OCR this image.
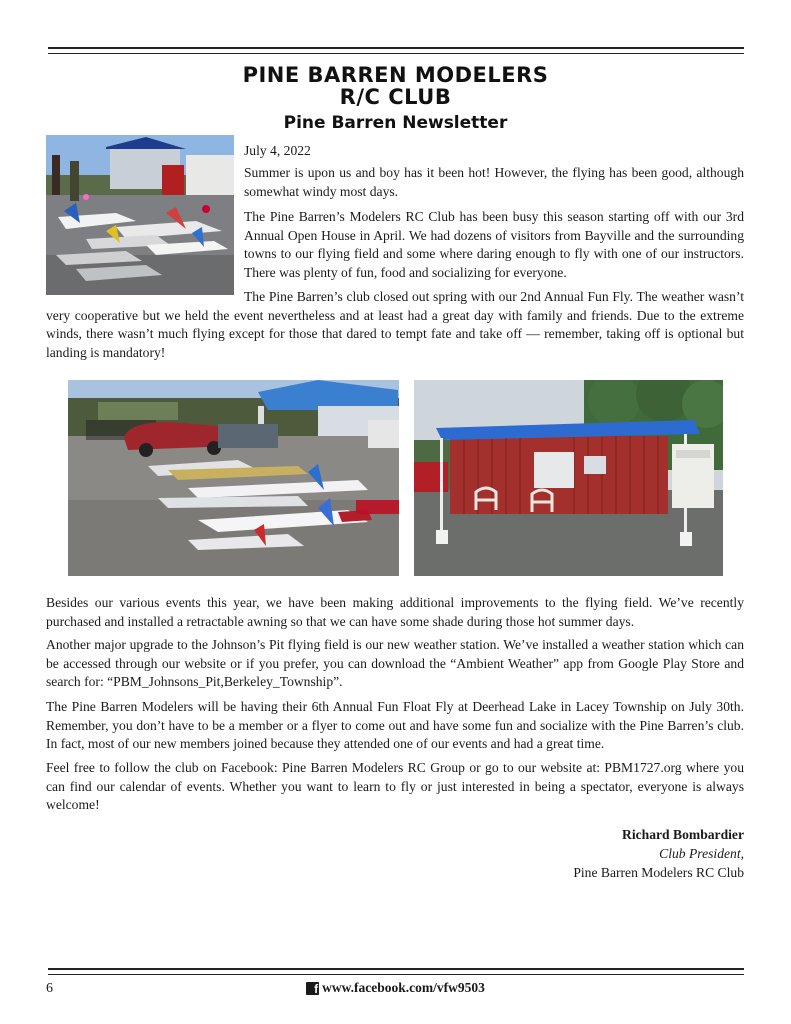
PINE BARREN MODELERS
R/C CLUB
Pine Barren Newsletter

July 4, 2022

Summer is upon us and boy has it been hot! However, the flying has been good, although somewhat windy most days.

The Pine Barren’s Modelers RC Club has been busy this season starting off with our 3rd Annual Open House in April. We had dozens of visitors from Bayville and the surrounding towns to our flying field and some where daring enough to fly with one of our instructors. There was plenty of fun, food and socializing for everyone.

The Pine Barren’s club closed out spring with our 2nd Annual Fun Fly. The weather wasn’t very cooperative but we held the event nevertheless and at least had a great day with family and friends. Due to the extreme winds, there wasn’t much flying except for those that dared to tempt fate and take off — remember, taking off is optional but landing is mandatory!

Besides our various events this year, we have been making additional improvements to the flying field. We’ve recently purchased and installed a retractable awning so that we can have some shade during those hot summer days.

Another major upgrade to the Johnson’s Pit flying field is our new weather station. We’ve installed a weather station which can be accessed through our website or if you prefer, you can download the “Ambient Weather” app from Google Play Store and search for: “PBM_Johnsons_Pit,Berkeley_Township”.

The Pine Barren Modelers will be having their 6th Annual Fun Float Fly at Deerhead Lake in Lacey Township on July 30th. Remember, you don’t have to be a member or a flyer to come out and have some fun and socialize with the Pine Barren’s club. In fact, most of our new members joined because they attended one of our events and had a great time.

Feel free to follow the club on Facebook: Pine Barren Modelers RC Group or go to our website at: PBM1727.org where you can find our calendar of events. Whether you want to learn to fly or just interested in being a spectator, everyone is always welcome!

Richard Bombardier

Club President,

Pine Barren Modelers RC Club

6	f www.facebook.com/vfw9503
